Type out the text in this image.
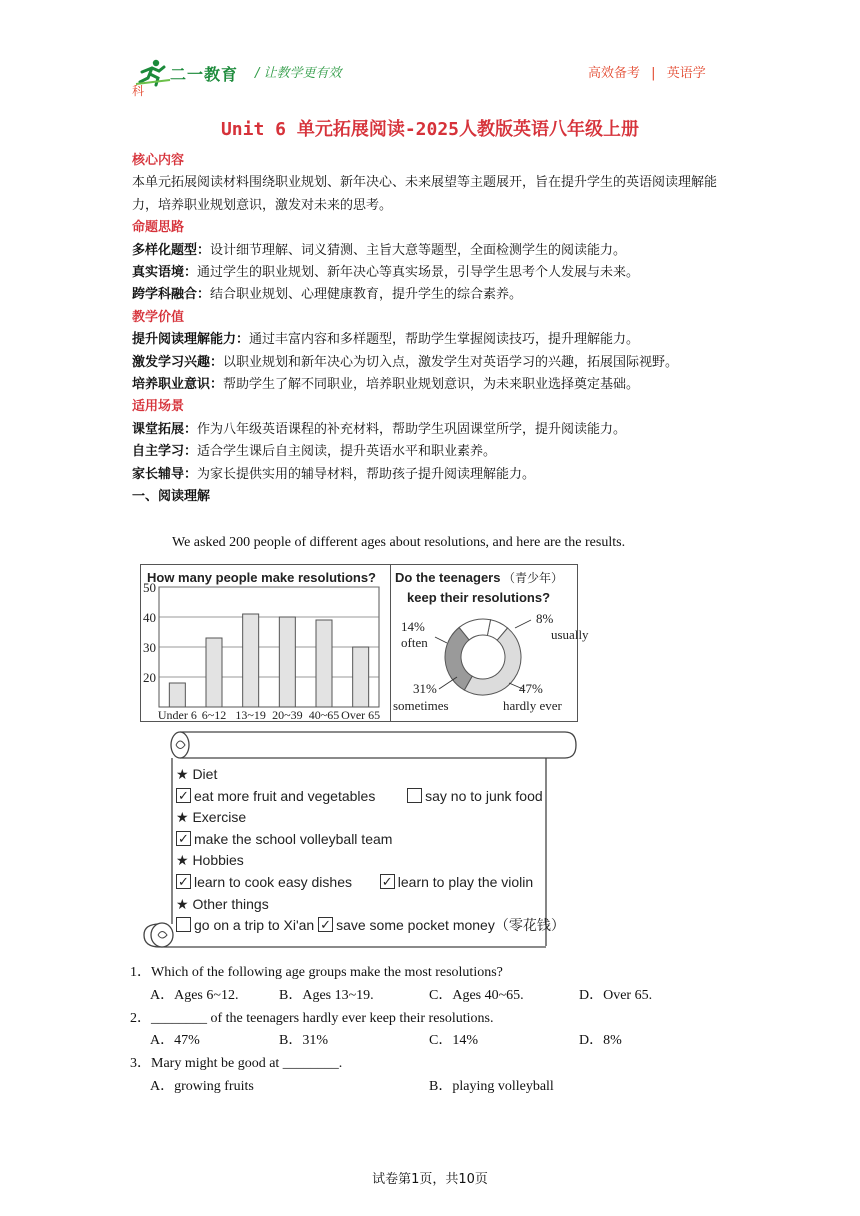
二一教育 / 让教学更有效	高效备考 | 英语学
科
Unit 6 单元拓展阅读-2025人教版英语八年级上册

核心内容

本单元拓展阅读材料围绕职业规划、新年决心、未来展望等主题展开，旨在提升学生的英语阅读理解能力，培养职业规划意识，激发对未来的思考。

命题思路

多样化题型：设计细节理解、词义猜测、主旨大意等题型，全面检测学生的阅读能力。

真实语境：通过学生的职业规划、新年决心等真实场景，引导学生思考个人发展与未来。

跨学科融合：结合职业规划、心理健康教育，提升学生的综合素养。

教学价值

提升阅读理解能力：通过丰富内容和多样题型，帮助学生掌握阅读技巧，提升理解能力。

激发学习兴趣：以职业规划和新年决心为切入点，激发学生对英语学习的兴趣，拓展国际视野。

培养职业意识：帮助学生了解不同职业，培养职业规划意识，为未来职业选择奠定基础。

适用场景

课堂拓展：作为八年级英语课程的补充材料，帮助学生巩固课堂所学，提升阅读能力。

自主学习：适合学生课后自主阅读，提升英语水平和职业素养。

家长辅导：为家长提供实用的辅导材料，帮助孩子提升阅读理解能力。

一、阅读理解

We asked 200 people of different ages about resolutions, and here are the results.
How many people make resolutions?
20
30
40
50
Under 6 6~12 13~19 20~39 40~65 Over 65
Do the teenagers （青少年）
keep their resolutions?
8%
usually
47%
hardly ever
31%
sometimes
14%
often
★ Diet
✓eat more fruit and vegetables	say no to junk food
★ Exercise
✓make the school volleyball team
★ Hobbies
✓learn to cook easy dishes ✓	learn to play the violin
★ Other things
go on a trip to Xi'an ✓ save some pocket money（零花钱）
1．Which of the following age groups make the most resolutions?
A．Ages 6~12.	B．Ages 13~19.	C．Ages 40~65.	D．Over 65.
2．________ of the teenagers hardly ever keep their resolutions.
A．47%	B．31%	C．14%	D．8%
3．Mary might be good at ________.
A．growing fruits	B．playing volleyball
试卷第1页，共10页
